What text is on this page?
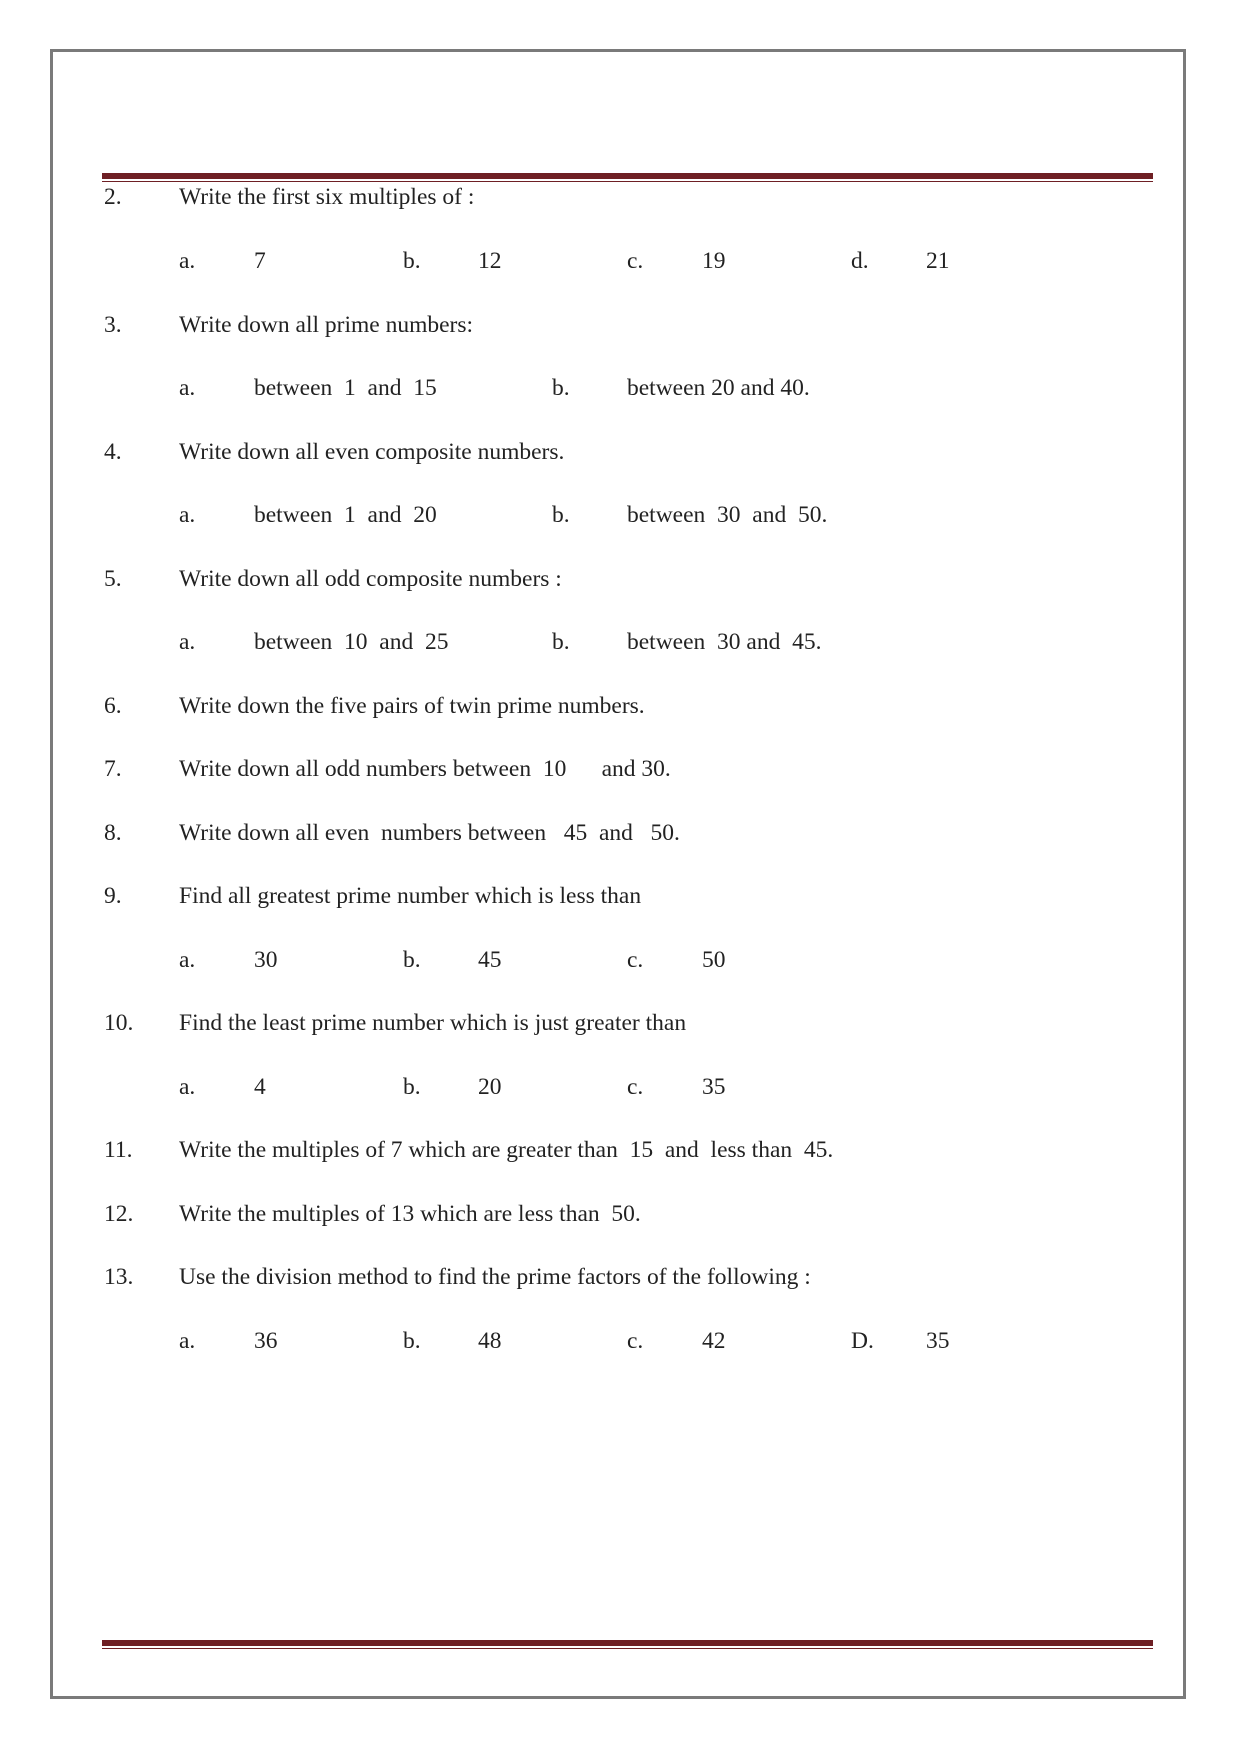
2. Write the first six multiples of :
a. 7	b. 12	c. 19	d. 21
3. Write down all prime numbers:
a. between  1  and  15	b. between 20 and 40.
4. Write down all even composite numbers.
a. between  1  and  20	b. between  30  and  50.
5. Write down all odd composite numbers :
a. between  10  and  25	b. between  30 and  45.
6. Write down the five pairs of twin prime numbers.
7. Write down all odd numbers between  10      and 30.
8. Write down all even  numbers between   45  and   50.
9. Find all greatest prime number which is less than
a. 30	b. 45	c. 50
10. Find the least prime number which is just greater than
a. 4	b. 20	c. 35
11. Write the multiples of 7 which are greater than  15  and  less than  45.
12. Write the multiples of 13 which are less than  50.
13. Use the division method to find the prime factors of the following :
a. 36	b. 48	c. 42	D. 35
